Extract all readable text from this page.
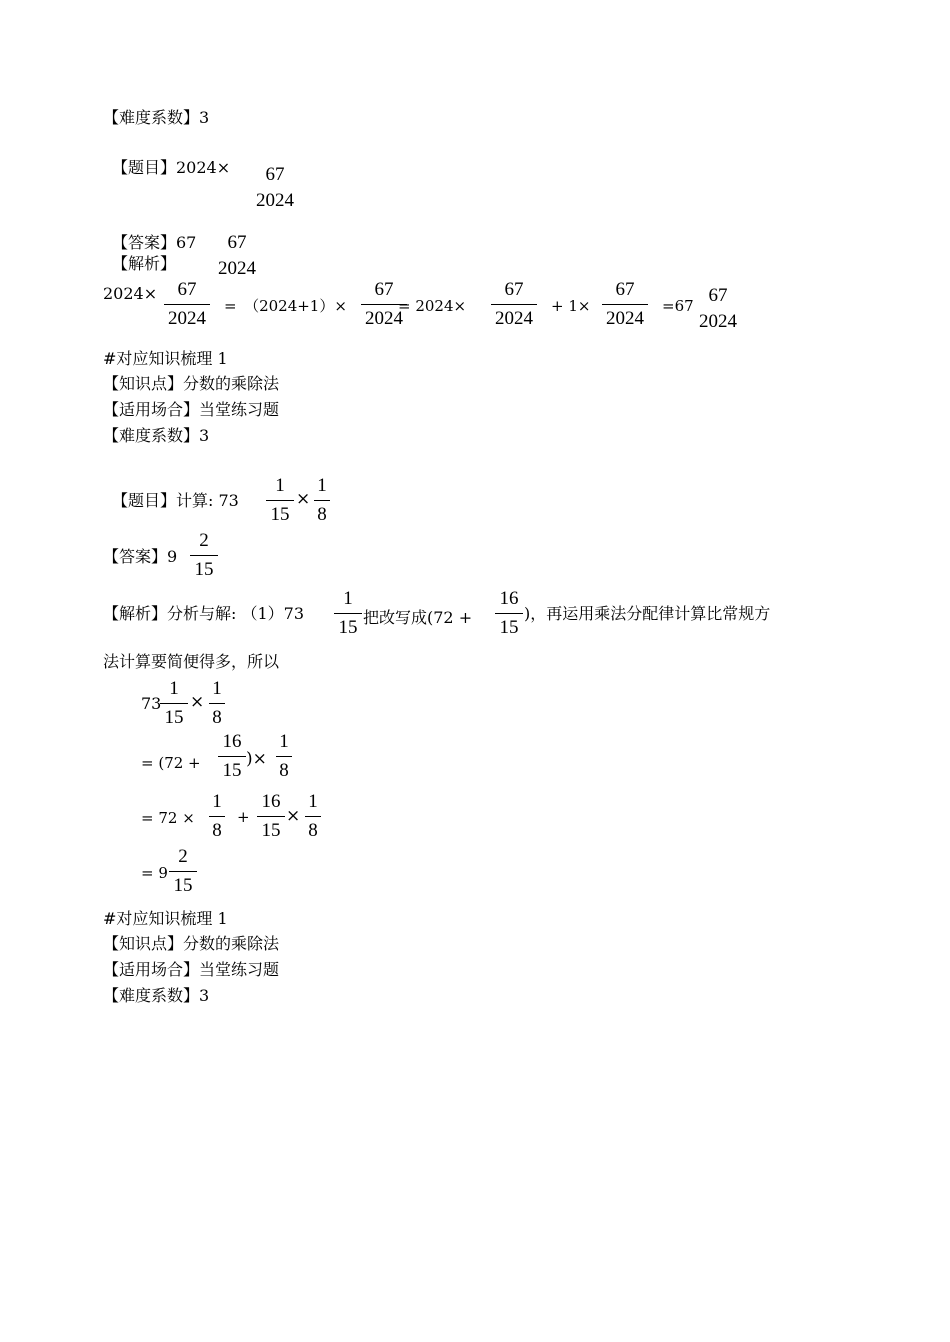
【难度系数】3
【题目】2024×	67
2024
【答案】67	67
2024
【解析】
2024×	67
2024
=　（2024+1）×
67
2024
= 2024×
67
2024
+ 1×
67
2024
=67 67
2024
#对应知识梳理 1
【知识点】分数的乘除法
【适用场合】当堂练习题
【难度系数】3
【题目】计算: 73
1
15
×
1
8
【答案】9
2
15
【解析】分析与解: （1）73
1
15 把改写成(72 +
16
15
)，再运用乘法分配律计算比常规方
法计算要简便得多，所以
73
1
15
×
1
8
= (72 +
16
15
)×
1
8
= 72 ×
1
8
+
16
15
×
1
8
= 9
2
15
#对应知识梳理 1
【知识点】分数的乘除法
【适用场合】当堂练习题
【难度系数】3
